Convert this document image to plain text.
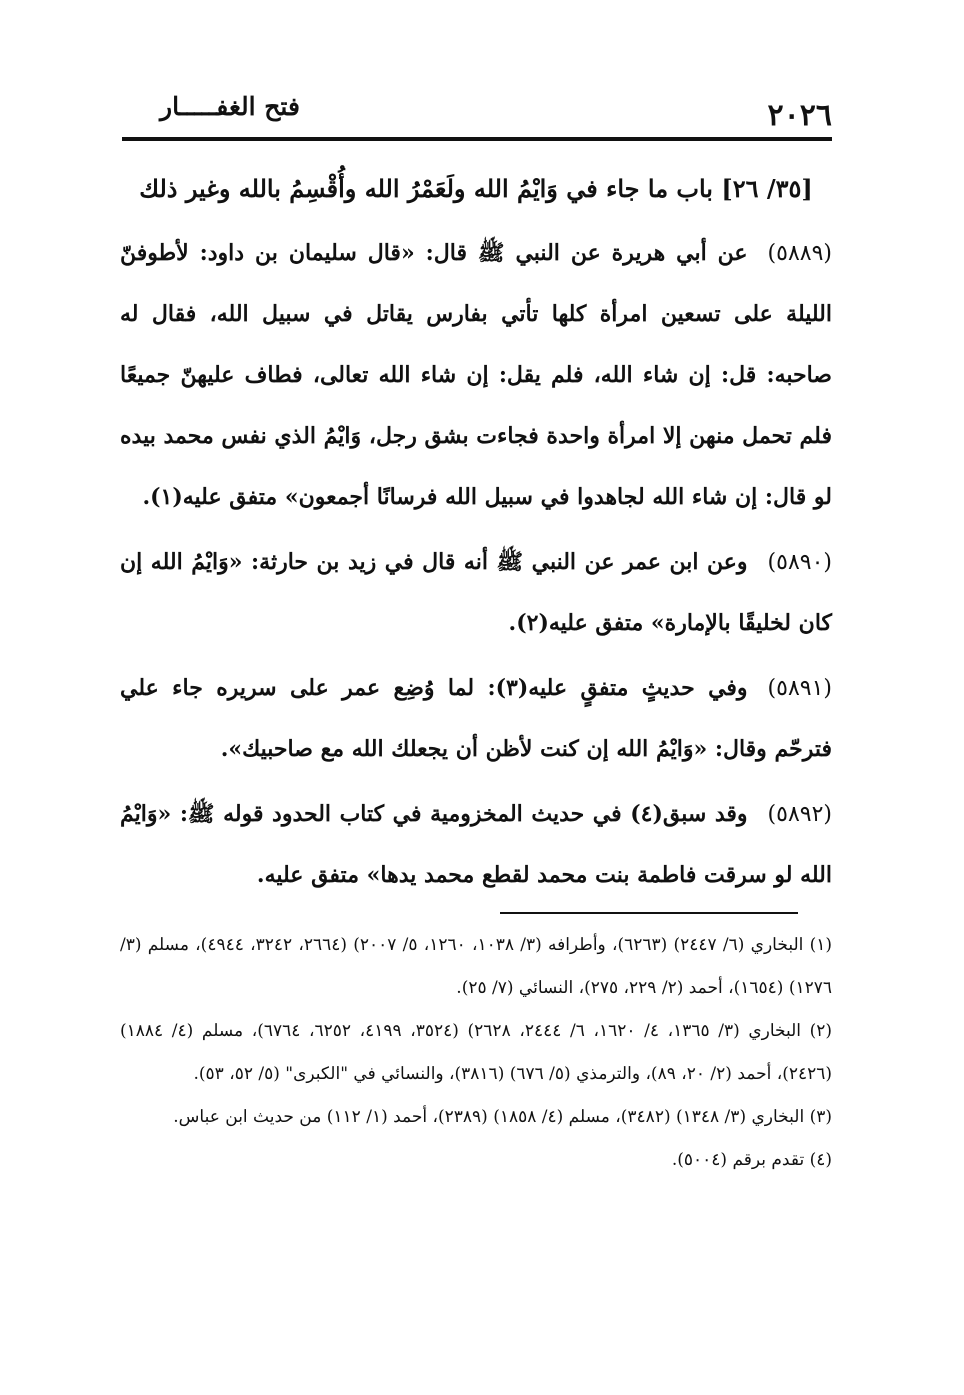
فتح الغفـــــار	٢٠٢٦

[٣٥/ ٢٦] باب ما جاء في وَايْمُ الله ولَعَمْرُ الله وأُقْسِمُ بالله وغير ذلك

(٥٨٨٩)عن أبي هريرة عن النبي ﷺ قال: «قال سليمان بن داود: لأطوفنّ الليلة على تسعين امرأة كلها تأتي بفارس يقاتل في سبيل الله، فقال له صاحبه: قل: إن شاء الله، فلم يقل: إن شاء الله تعالى، فطاف عليهنّ جميعًا فلم تحمل منهن إلا امرأة واحدة فجاءت بشق رجل، وَايْمُ الذي نفس محمد بيده لو قال: إن شاء الله لجاهدوا في سبيل الله فرسانًا أجمعون» متفق عليه(١).

(٥٨٩٠)وعن ابن عمر عن النبي ﷺ أنه قال في زيد بن حارثة: «وَايْمُ الله إن كان لخليقًا بالإمارة» متفق عليه(٢).

(٥٨٩١)وفي حديثٍ متفقٍ عليه(٣): لما وُضِع عمر على سريره جاء علي فترحّم وقال: «وَايْمُ الله إن كنت لأظن أن يجعلك الله مع صاحبيك».

(٥٨٩٢)وقد سبق(٤) في حديث المخزومية في كتاب الحدود قوله ﷺ: «وَايْمُ الله لو سرقت فاطمة بنت محمد لقطع محمد يدها» متفق عليه.

(١) البخاري (٦/ ٢٤٤٧) (٦٢٦٣)، وأطرافه (٣/ ١٠٣٨، ١٢٦٠، ٥/ ٢٠٠٧) (٢٦٦٤، ٣٢٤٢، ٤٩٤٤)، مسلم (٣/ ١٢٧٦) (١٦٥٤)، أحمد (٢/ ٢٢٩، ٢٧٥)، النسائي (٧/ ٢٥).

(٢) البخاري (٣/ ١٣٦٥، ٤/ ١٦٢٠، ٦/ ٢٤٤٤، ٢٦٢٨) (٣٥٢٤، ٤١٩٩، ٦٢٥٢، ٦٧٦٤)، مسلم (٤/ ١٨٨٤) (٢٤٢٦)، أحمد (٢/ ٢٠، ٨٩)، والترمذي (٥/ ٦٧٦) (٣٨١٦)، والنسائي في "الكبرى" (٥/ ٥٢، ٥٣).

(٣) البخاري (٣/ ١٣٤٨) (٣٤٨٢)، مسلم (٤/ ١٨٥٨) (٢٣٨٩)، أحمد (١/ ١١٢) من حديث ابن عباس.

(٤) تقدم برقم (٥٠٠٤).
